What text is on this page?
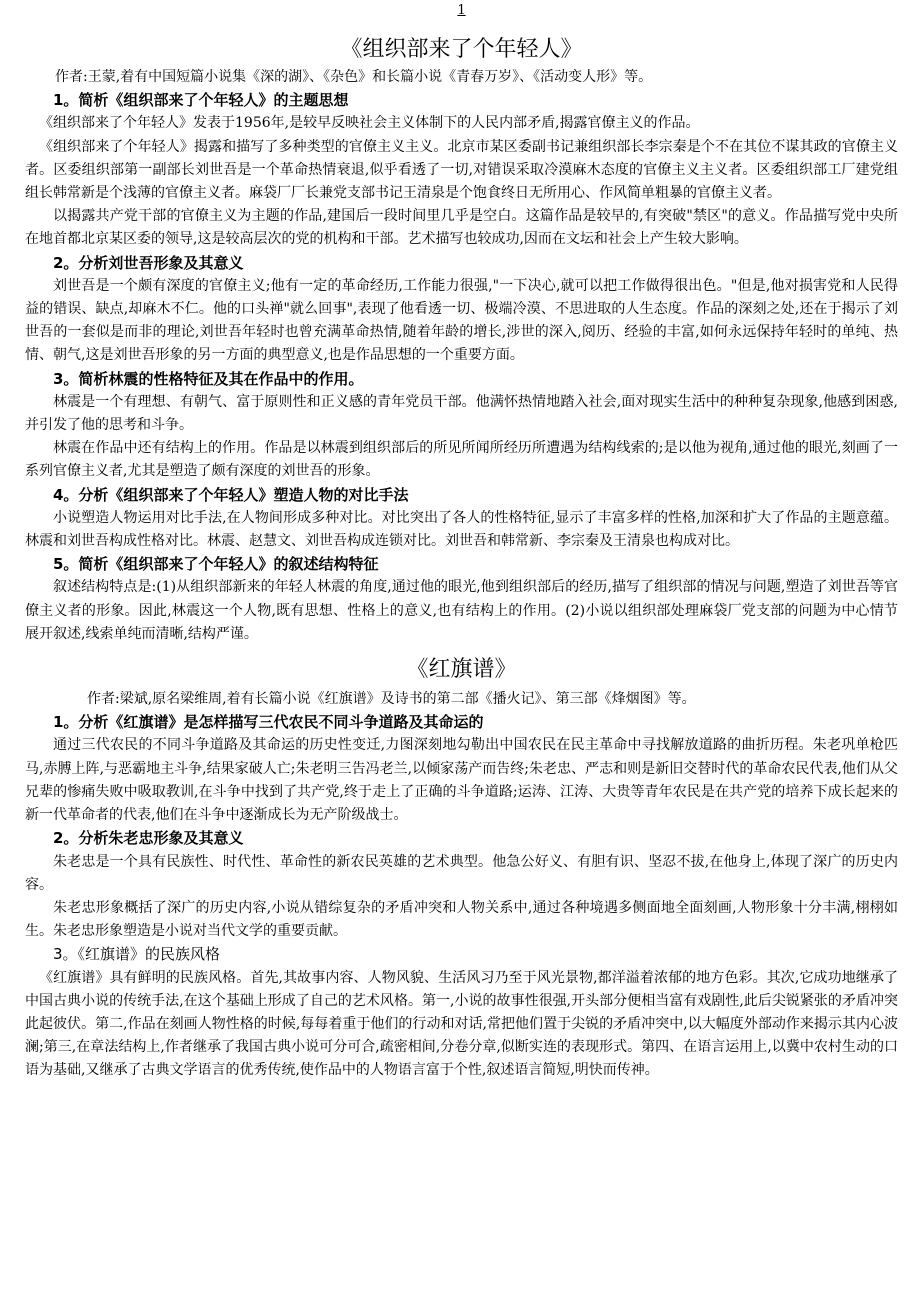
1
《组织部来了个年轻人》

作者:王蒙,着有中国短篇小说集《深的湖》、《杂色》和长篇小说《青春万岁》、《活动变人形》等。

1。简析《组织部来了个年轻人》的主题思想

《组织部来了个年轻人》发表于1956年,是较早反映社会主义体制下的人民内部矛盾,揭露官僚主义的作品。

《组织部来了个年轻人》揭露和描写了多种类型的官僚主义主义。北京市某区委副书记兼组织部长李宗秦是个不在其位不谋其政的官僚主义者。区委组织部第一副部长刘世吾是一个革命热情衰退,似乎看透了一切,对错误采取冷漠麻木态度的官僚主义主义者。区委组织部工厂建党组组长韩常新是个浅薄的官僚主义者。麻袋厂厂长兼党支部书记王清泉是个饱食终日无所用心、作风简单粗暴的官僚主义者。

以揭露共产党干部的官僚主义为主题的作品,建国后一段时间里几乎是空白。这篇作品是较早的,有突破"禁区"的意义。作品描写党中央所在地首都北京某区委的领导,这是较高层次的党的机构和干部。艺术描写也较成功,因而在文坛和社会上产生较大影响。

2。分析刘世吾形象及其意义

刘世吾是一个颇有深度的官僚主义;他有一定的革命经历,工作能力很强,"一下决心,就可以把工作做得很出色。"但是,他对损害党和人民得益的错误、缺点,却麻木不仁。他的口头禅"就么回事",表现了他看透一切、极端冷漠、不思进取的人生态度。作品的深刻之处,还在于揭示了刘世吾的一套似是而非的理论,刘世吾年轻时也曾充满革命热情,随着年龄的增长,涉世的深入,阅历、经验的丰富,如何永远保持年轻时的单纯、热情、朝气,这是刘世吾形象的另一方面的典型意义,也是作品思想的一个重要方面。

3。简析林震的性格特征及其在作品中的作用。

林震是一个有理想、有朝气、富于原则性和正义感的青年党员干部。他满怀热情地踏入社会,面对现实生活中的种种复杂现象,他感到困惑,并引发了他的思考和斗争。

林震在作品中还有结构上的作用。作品是以林震到组织部后的所见所闻所经历所遭遇为结构线索的;是以他为视角,通过他的眼光,刻画了一系列官僚主义者,尤其是塑造了颇有深度的刘世吾的形象。

4。分析《组织部来了个年轻人》塑造人物的对比手法

小说塑造人物运用对比手法,在人物间形成多种对比。对比突出了各人的性格特征,显示了丰富多样的性格,加深和扩大了作品的主题意蕴。林震和刘世吾构成性格对比。林震、赵慧文、刘世吾构成连锁对比。刘世吾和韩常新、李宗秦及王清泉也构成对比。

5。简析《组织部来了个年轻人》的叙述结构特征

叙述结构特点是:(1)从组织部新来的年轻人林震的角度,通过他的眼光,他到组织部后的经历,描写了组织部的情况与问题,塑造了刘世吾等官僚主义者的形象。因此,林震这一个人物,既有思想、性格上的意义,也有结构上的作用。(2)小说以组织部处理麻袋厂党支部的问题为中心情节展开叙述,线索单纯而清晰,结构严谨。

《红旗谱》

作者:梁斌,原名梁维周,着有长篇小说《红旗谱》及诗书的第二部《播火记》、第三部《烽烟图》等。

1。分析《红旗谱》是怎样描写三代农民不同斗争道路及其命运的

通过三代农民的不同斗争道路及其命运的历史性变迁,力图深刻地勾勒出中国农民在民主革命中寻找解放道路的曲折历程。朱老巩单枪匹马,赤膊上阵,与恶霸地主斗争,结果家破人亡;朱老明三告冯老兰,以倾家荡产而告终;朱老忠、严志和则是新旧交替时代的革命农民代表,他们从父兄辈的惨痛失败中吸取教训,在斗争中找到了共产党,终于走上了正确的斗争道路;运涛、江涛、大贵等青年农民是在共产党的培养下成长起来的新一代革命者的代表,他们在斗争中逐渐成长为无产阶级战士。

2。分析朱老忠形象及其意义

朱老忠是一个具有民族性、时代性、革命性的新农民英雄的艺术典型。他急公好义、有胆有识、坚忍不拔,在他身上,体现了深广的历史内容。

朱老忠形象概括了深广的历史内容,小说从错综复杂的矛盾冲突和人物关系中,通过各种境遇多侧面地全面刻画,人物形象十分丰满,栩栩如生。朱老忠形象塑造是小说对当代文学的重要贡献。

3。《红旗谱》的民族风格

《红旗谱》具有鲜明的民族风格。首先,其故事内容、人物风貌、生活风习乃至于风光景物,都洋溢着浓郁的地方色彩。其次,它成功地继承了中国古典小说的传统手法,在这个基础上形成了自己的艺术风格。第一,小说的故事性很强,开头部分便相当富有戏剧性,此后尖锐紧张的矛盾冲突此起彼伏。第二,作品在刻画人物性格的时候,每每着重于他们的行动和对话,常把他们置于尖锐的矛盾冲突中,以大幅度外部动作来揭示其内心波澜;第三,在章法结构上,作者继承了我国古典小说可分可合,疏密相间,分卷分章,似断实连的表现形式。第四、在语言运用上,以冀中农村生动的口语为基础,又继承了古典文学语言的优秀传统,使作品中的人物语言富于个性,叙述语言简短,明快而传神。
